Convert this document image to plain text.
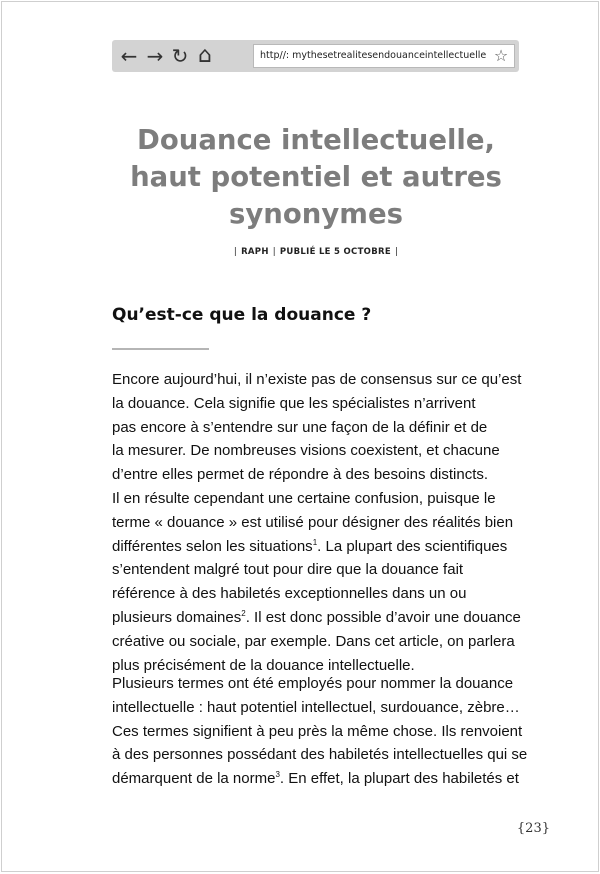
← → ↻ ⌂	http//: mythesetrealitesendouanceintellectuelle ☆
Douance intellectuelle,
haut potentiel et autres
synonymes
| RAPH | PUBLIÉ LE 5 OCTOBRE |
Qu’est-ce que la douance ?
Encore aujourd’hui, il n’existe pas de consensus sur ce qu’est
la douance. Cela signifie que les spécialistes n’arrivent
pas encore à s’entendre sur une façon de la définir et de
la mesurer. De nombreuses visions coexistent, et chacune
d’entre elles permet de répondre à des besoins distincts.
Il en résulte cependant une certaine confusion, puisque le
terme « douance » est utilisé pour désigner des réalités bien
différentes selon les situations$^1$. La plupart des scientifiques
s’entendent malgré tout pour dire que la douance fait
référence à des habiletés exceptionnelles dans un ou
plusieurs domaines$^2$. Il est donc possible d’avoir une douance
créative ou sociale, par exemple. Dans cet article, on parlera
plus précisément de la douance intellectuelle.
Plusieurs termes ont été employés pour nommer la douance
intellectuelle : haut potentiel intellectuel, surdouance, zèbre…
Ces termes signifient à peu près la même chose. Ils renvoient
à des personnes possédant des habiletés intellectuelles qui se
démarquent de la norme$^3$. En effet, la plupart des habiletés et
{23}
